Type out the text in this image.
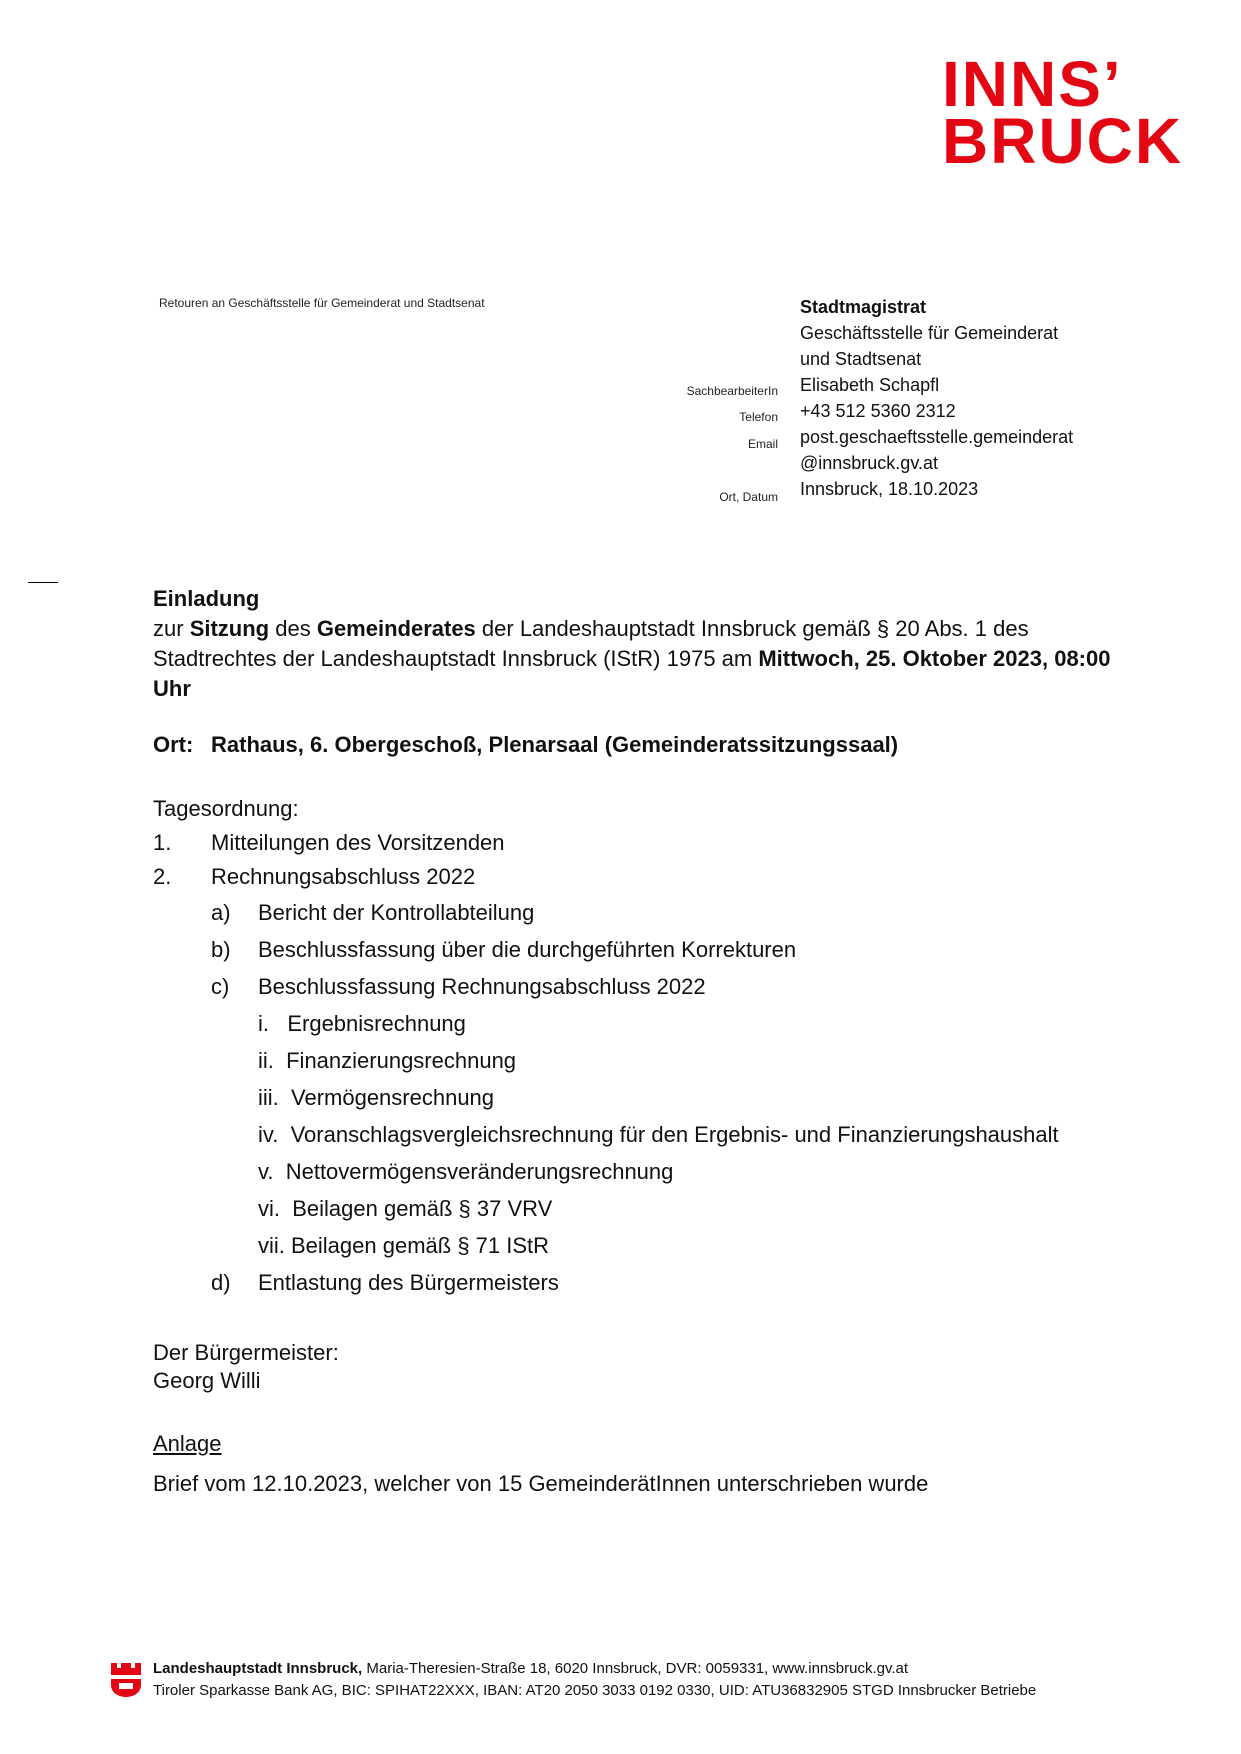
INNS’
BRUCK
Retouren an Geschäftsstelle für Gemeinderat und Stadtsenat	Stadtmagistrat
Geschäftsstelle für Gemeinderat
und Stadtsenat
Elisabeth Schapfl
+43 512 5360 2312
post.geschaeftsstelle.gemeinderat
@innsbruck.gv.at
Innsbruck, 18.10.2023
SachbearbeiterIn
Telefon
Email
Ort, Datum
Einladung
zur Sitzung des Gemeinderates der Landeshauptstadt Innsbruck gemäß § 20 Abs. 1 des Stadtrechtes der Landeshauptstadt Innsbruck (IStR) 1975 am Mittwoch, 25. Oktober 2023, 08:00 Uhr
Ort: Rathaus, 6. Obergeschoß, Plenarsaal (Gemeinderatssitzungssaal)
Tagesordnung:
1. Mitteilungen des Vorsitzenden
2. Rechnungsabschluss 2022
a) Bericht der Kontrollabteilung
b) Beschlussfassung über die durchgeführten Korrekturen
c) Beschlussfassung Rechnungsabschluss 2022
i.   Ergebnisrechnung
ii.  Finanzierungsrechnung
iii.  Vermögensrechnung
iv.  Voranschlagsvergleichsrechnung für den Ergebnis- und Finanzierungshaushalt
v.  Nettovermögensveränderungsrechnung
vi.  Beilagen gemäß § 37 VRV
vii. Beilagen gemäß § 71 IStR
d) Entlastung des Bürgermeisters
Der Bürgermeister:
Georg Willi
Anlage
Brief vom 12.10.2023, welcher von 15 GemeinderätInnen unterschrieben wurde
Landeshauptstadt Innsbruck, Maria-Theresien-Straße 18, 6020 Innsbruck, DVR: 0059331, www.innsbruck.gv.at
Tiroler Sparkasse Bank AG, BIC: SPIHAT22XXX, IBAN: AT20 2050 3033 0192 0330, UID: ATU36832905 STGD Innsbrucker Betriebe
